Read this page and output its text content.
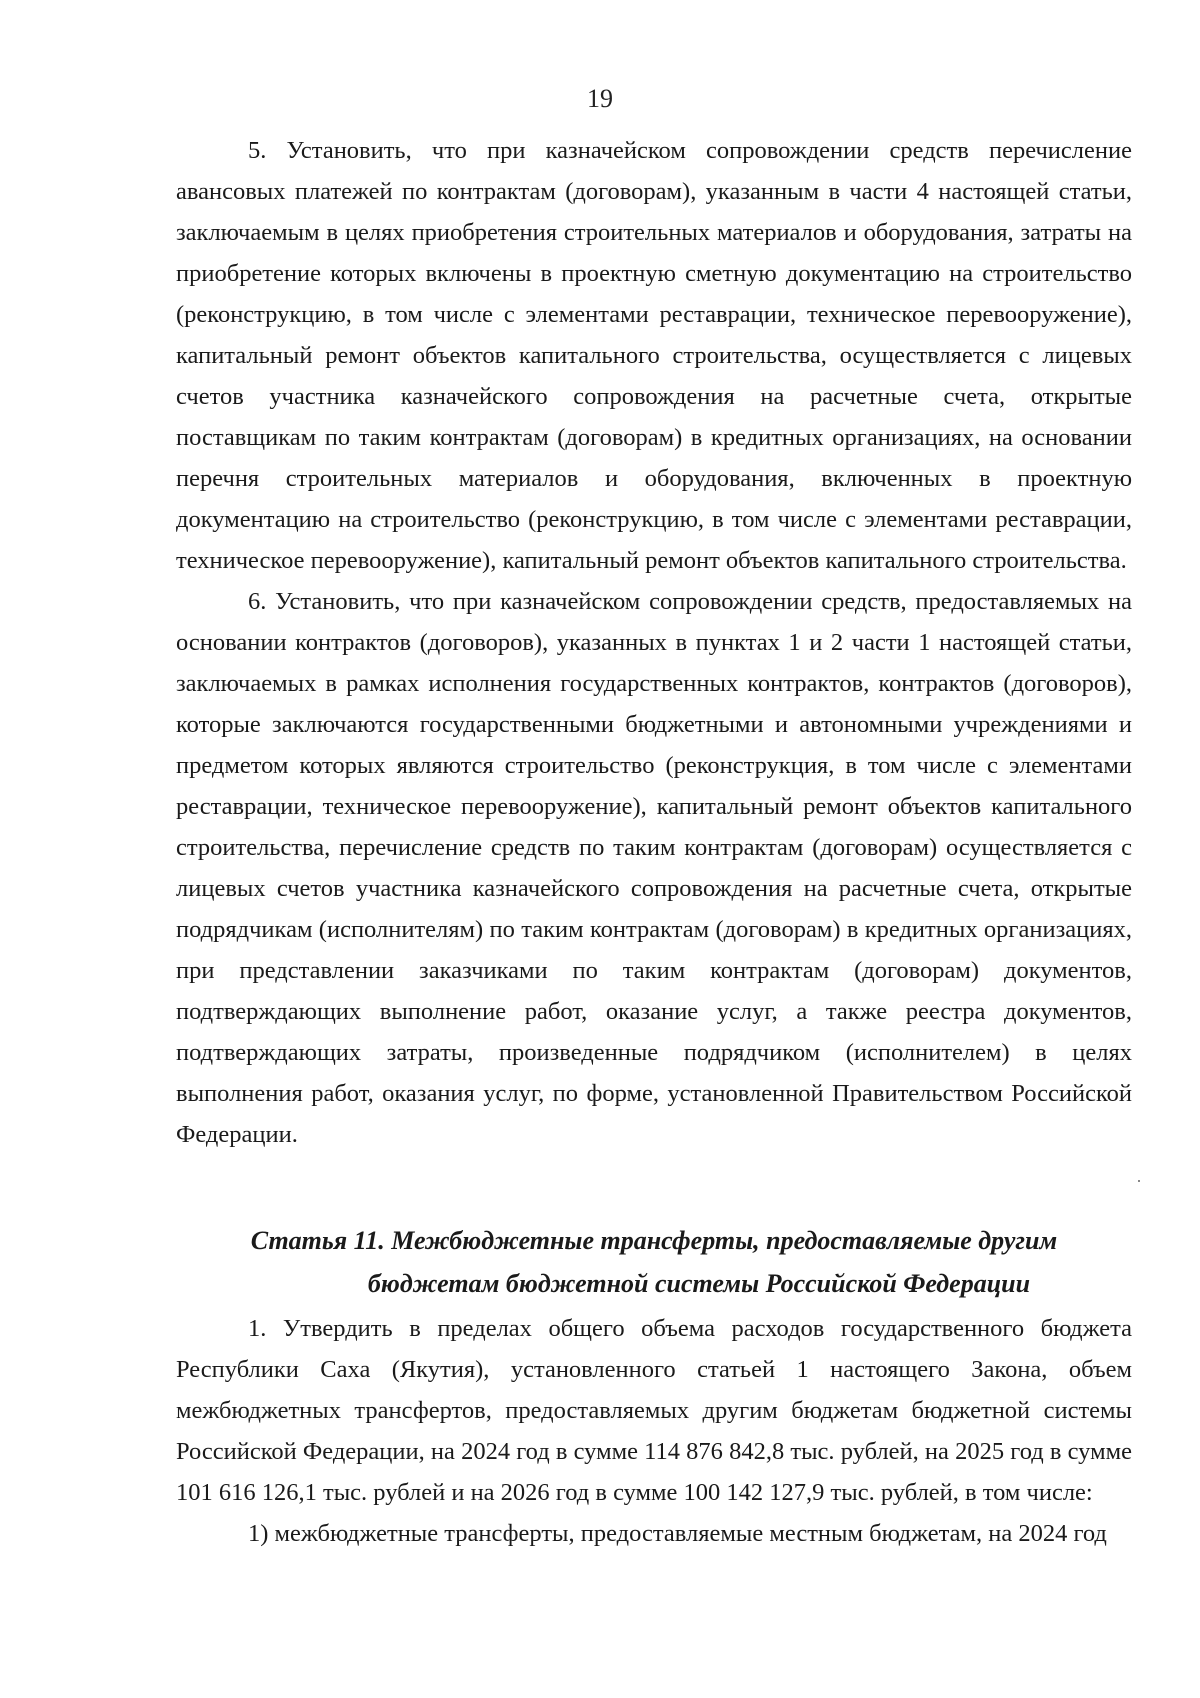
19

5. Установить, что при казначейском сопровождении средств перечисление авансовых платежей по контрактам (договорам), указанным в части 4 настоящей статьи, заключаемым в целях приобретения строительных материалов и оборудования, затраты на приобретение которых включены в проектную сметную документацию на строительство (реконструкцию, в том числе с элементами реставрации, техническое перевооружение), капитальный ремонт объектов капитального строительства, осуществляется с лицевых счетов участника казначейского сопровождения на расчетные счета, открытые поставщикам по таким контрактам (договорам) в кредитных организациях, на основании перечня строительных материалов и оборудования, включенных в проектную документацию на строительство (реконструкцию, в том числе с элементами реставрации, техническое перевооружение), капитальный ремонт объектов капитального строительства.

6. Установить, что при казначейском сопровождении средств, предоставляемых на основании контрактов (договоров), указанных в пунктах 1 и 2 части 1 настоящей статьи, заключаемых в рамках исполнения государственных контрактов, контрактов (договоров), которые заключаются государственными бюджетными и автономными учреждениями и предметом которых являются строительство (реконструкция, в том числе с элементами реставрации, техническое перевооружение), капитальный ремонт объектов капитального строительства, перечисление средств по таким контрактам (договорам) осуществляется с лицевых счетов участника казначейского сопровождения на расчетные счета, открытые подрядчикам (исполнителям) по таким контрактам (договорам) в кредитных организациях, при представлении заказчиками по таким контрактам (договорам) документов, подтверждающих выполнение работ, оказание услуг, а также реестра документов, подтверждающих затраты, произведенные подрядчиком (исполнителем) в целях выполнения работ, оказания услуг, по форме, установленной Правительством Российской Федерации.

Статья 11. Межбюджетные трансферты, предоставляемые другим
бюджетам бюджетной системы Российской Федерации

1. Утвердить в пределах общего объема расходов государственного бюджета Республики Саха (Якутия), установленного статьей 1 настоящего Закона, объем межбюджетных трансфертов, предоставляемых другим бюджетам бюджетной системы Российской Федерации, на 2024 год в сумме 114 876 842,8 тыс. рублей, на 2025 год в сумме 101 616 126,1 тыс. рублей и на 2026 год в сумме 100 142 127,9 тыс. рублей, в том числе:

1) межбюджетные трансферты, предоставляемые местным бюджетам, на 2024 год
